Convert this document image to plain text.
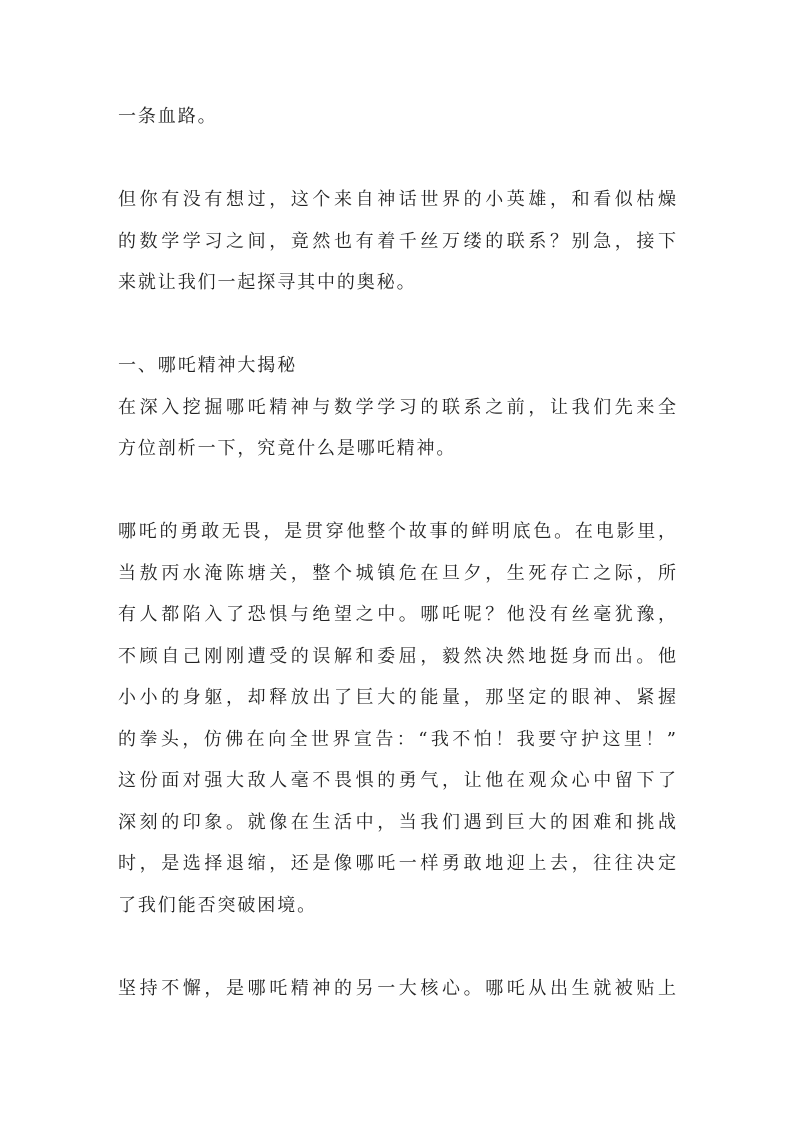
一条血路。
但你有没有想过，这个来自神话世界的小英雄，和看似枯燥
的数学学习之间，竟然也有着千丝万缕的联系？别急，接下
来就让我们一起探寻其中的奥秘。
一、哪吒精神大揭秘
在深入挖掘哪吒精神与数学学习的联系之前，让我们先来全
方位剖析一下，究竟什么是哪吒精神。
哪吒的勇敢无畏，是贯穿他整个故事的鲜明底色。在电影里，
当敖丙水淹陈塘关，整个城镇危在旦夕，生死存亡之际，所
有人都陷入了恐惧与绝望之中。哪吒呢？他没有丝毫犹豫，
不顾自己刚刚遭受的误解和委屈，毅然决然地挺身而出。他
小小的身躯，却释放出了巨大的能量，那坚定的眼神、紧握
的拳头，仿佛在向全世界宣告：“我不怕！我要守护这里！”
这份面对强大敌人毫不畏惧的勇气，让他在观众心中留下了
深刻的印象。就像在生活中，当我们遇到巨大的困难和挑战
时，是选择退缩，还是像哪吒一样勇敢地迎上去，往往决定
了我们能否突破困境。
坚持不懈，是哪吒精神的另一大核心。哪吒从出生就被贴上
